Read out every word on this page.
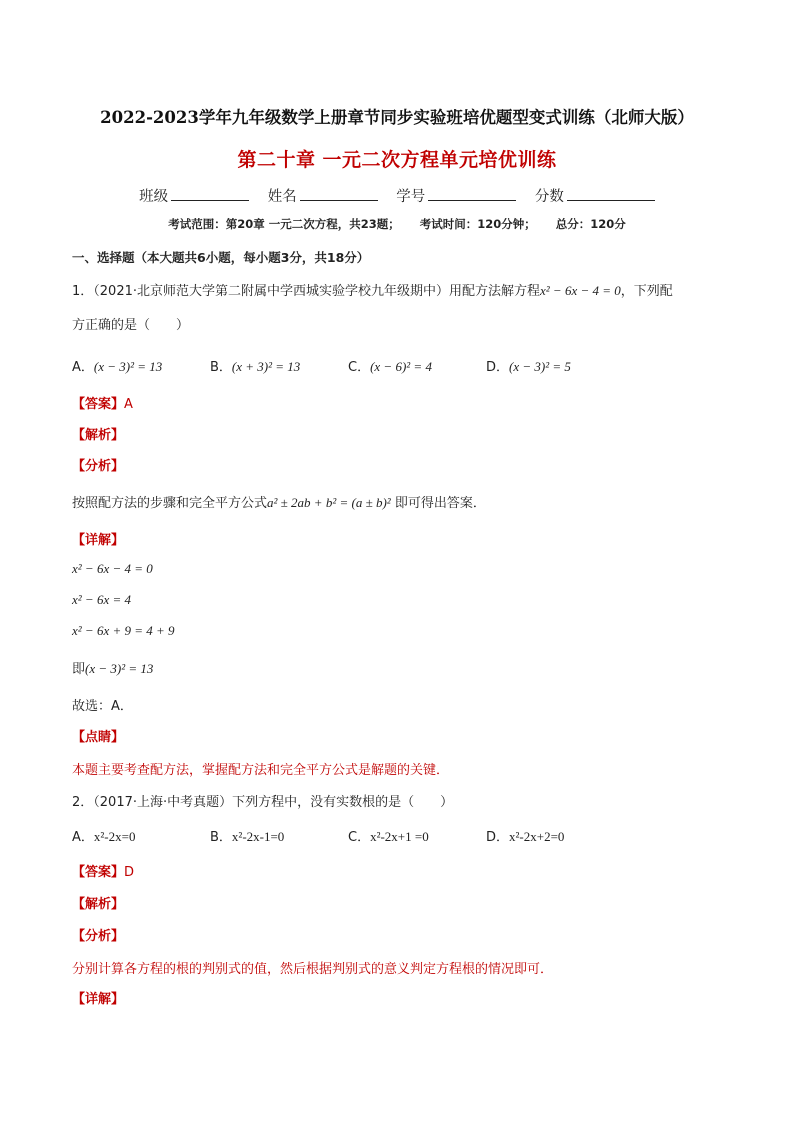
2022-2023学年九年级数学上册章节同步实验班培优题型变式训练（北师大版）
第二十章 一元二次方程单元培优训练
班级	姓名	学号	分数
考试范围：第20章 一元二次方程，共23题； 考试时间：120分钟； 总分：120分
一、选择题（本大题共6小题，每小题3分，共18分）
1．（2021·北京师范大学第二附属中学西城实验学校九年级期中）用配方法解方程x² − 6x − 4 = 0，下列配
方正确的是（　　）
A．(x − 3)² = 13	B．(x + 3)² = 13	C．(x − 6)² = 4	D．(x − 3)² = 5
【答案】A
【解析】
【分析】
按照配方法的步骤和完全平方公式a² ± 2ab + b² = (a ± b)² 即可得出答案．
【详解】
x² − 6x − 4 = 0
x² − 6x = 4
x² − 6x + 9 = 4 + 9
即(x − 3)² = 13
故选：A．
【点睛】
本题主要考查配方法，掌握配方法和完全平方公式是解题的关键．
2．（2017·上海·中考真题）下列方程中，没有实数根的是（　　）
A．x²-2x=0	B．x²-2x-1=0	C．x²-2x+1 =0	D．x²-2x+2=0
【答案】D
【解析】
【分析】
分别计算各方程的根的判别式的值，然后根据判别式的意义判定方程根的情况即可．
【详解】
